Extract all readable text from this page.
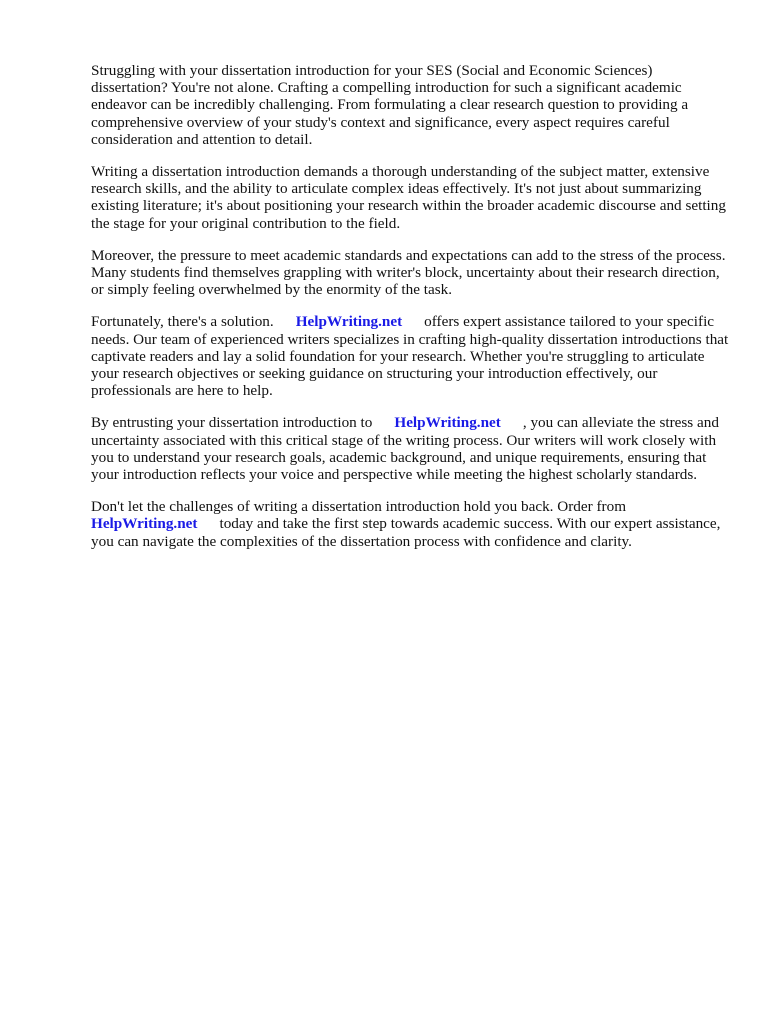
Struggling with your dissertation introduction for your SES (Social and Economic Sciences) dissertation? You're not alone. Crafting a compelling introduction for such a significant academic endeavor can be incredibly challenging. From formulating a clear research question to providing a comprehensive overview of your study's context and significance, every aspect requires careful consideration and attention to detail.

Writing a dissertation introduction demands a thorough understanding of the subject matter, extensive research skills, and the ability to articulate complex ideas effectively. It's not just about summarizing existing literature; it's about positioning your research within the broader academic discourse and setting the stage for your original contribution to the field.

Moreover, the pressure to meet academic standards and expectations can add to the stress of the process. Many students find themselves grappling with writer's block, uncertainty about their research direction, or simply feeling overwhelmed by the enormity of the task.

Fortunately, there's a solution. HelpWriting.net offers expert assistance tailored to your specific needs. Our team of experienced writers specializes in crafting high-quality dissertation introductions that captivate readers and lay a solid foundation for your research. Whether you're struggling to articulate your research objectives or seeking guidance on structuring your introduction effectively, our professionals are here to help.

By entrusting your dissertation introduction to HelpWriting.net , you can alleviate the stress and uncertainty associated with this critical stage of the writing process. Our writers will work closely with you to understand your research goals, academic background, and unique requirements, ensuring that your introduction reflects your voice and perspective while meeting the highest scholarly standards.

Don't let the challenges of writing a dissertation introduction hold you back. Order from HelpWriting.net today and take the first step towards academic success. With our expert assistance, you can navigate the complexities of the dissertation process with confidence and clarity.
